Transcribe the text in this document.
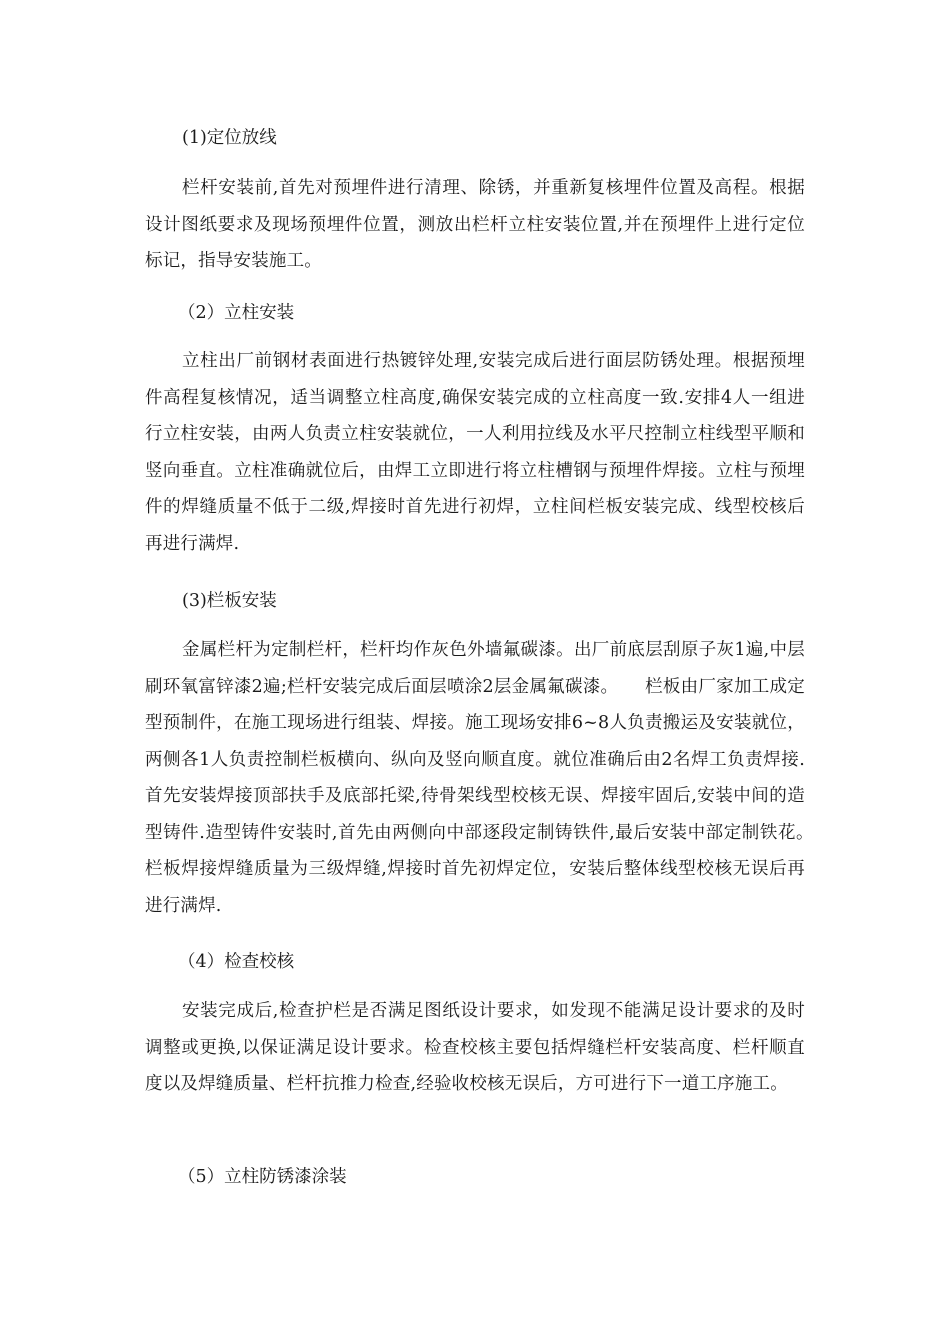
(1)定位放线
栏杆安装前,首先对预埋件进行清理、除锈，并重新复核埋件位置及高程。根据设计图纸要求及现场预埋件位置，测放出栏杆立柱安装位置,并在预埋件上进行定位标记，指导安装施工。
（2）立柱安装
立柱出厂前钢材表面进行热镀锌处理,安装完成后进行面层防锈处理。根据预埋件高程复核情况，适当调整立柱高度,确保安装完成的立柱高度一致.安排4人一组进行立柱安装，由两人负责立柱安装就位，一人利用拉线及水平尺控制立柱线型平顺和竖向垂直。立柱准确就位后，由焊工立即进行将立柱槽钢与预埋件焊接。立柱与预埋件的焊缝质量不低于二级,焊接时首先进行初焊，立柱间栏板安装完成、线型校核后再进行满焊.
(3)栏板安装
金属栏杆为定制栏杆，栏杆均作灰色外墙氟碳漆。出厂前底层刮原子灰1遍,中层刷环氧富锌漆2遍;栏杆安装完成后面层喷涂2层金属氟碳漆。　　栏板由厂家加工成定型预制件，在施工现场进行组装、焊接。施工现场安排6~8人负责搬运及安装就位，两侧各1人负责控制栏板横向、纵向及竖向顺直度。就位准确后由2名焊工负责焊接.首先安装焊接顶部扶手及底部托梁,待骨架线型校核无误、焊接牢固后,安装中间的造型铸件.造型铸件安装时,首先由两侧向中部逐段定制铸铁件,最后安装中部定制铁花。　　栏板焊接焊缝质量为三级焊缝,焊接时首先初焊定位，安装后整体线型校核无误后再进行满焊.
（4）检查校核
安装完成后,检查护栏是否满足图纸设计要求，如发现不能满足设计要求的及时调整或更换,以保证满足设计要求。检查校核主要包括焊缝栏杆安装高度、栏杆顺直度以及焊缝质量、栏杆抗推力检查,经验收校核无误后，方可进行下一道工序施工。
（5）立柱防锈漆涂装
